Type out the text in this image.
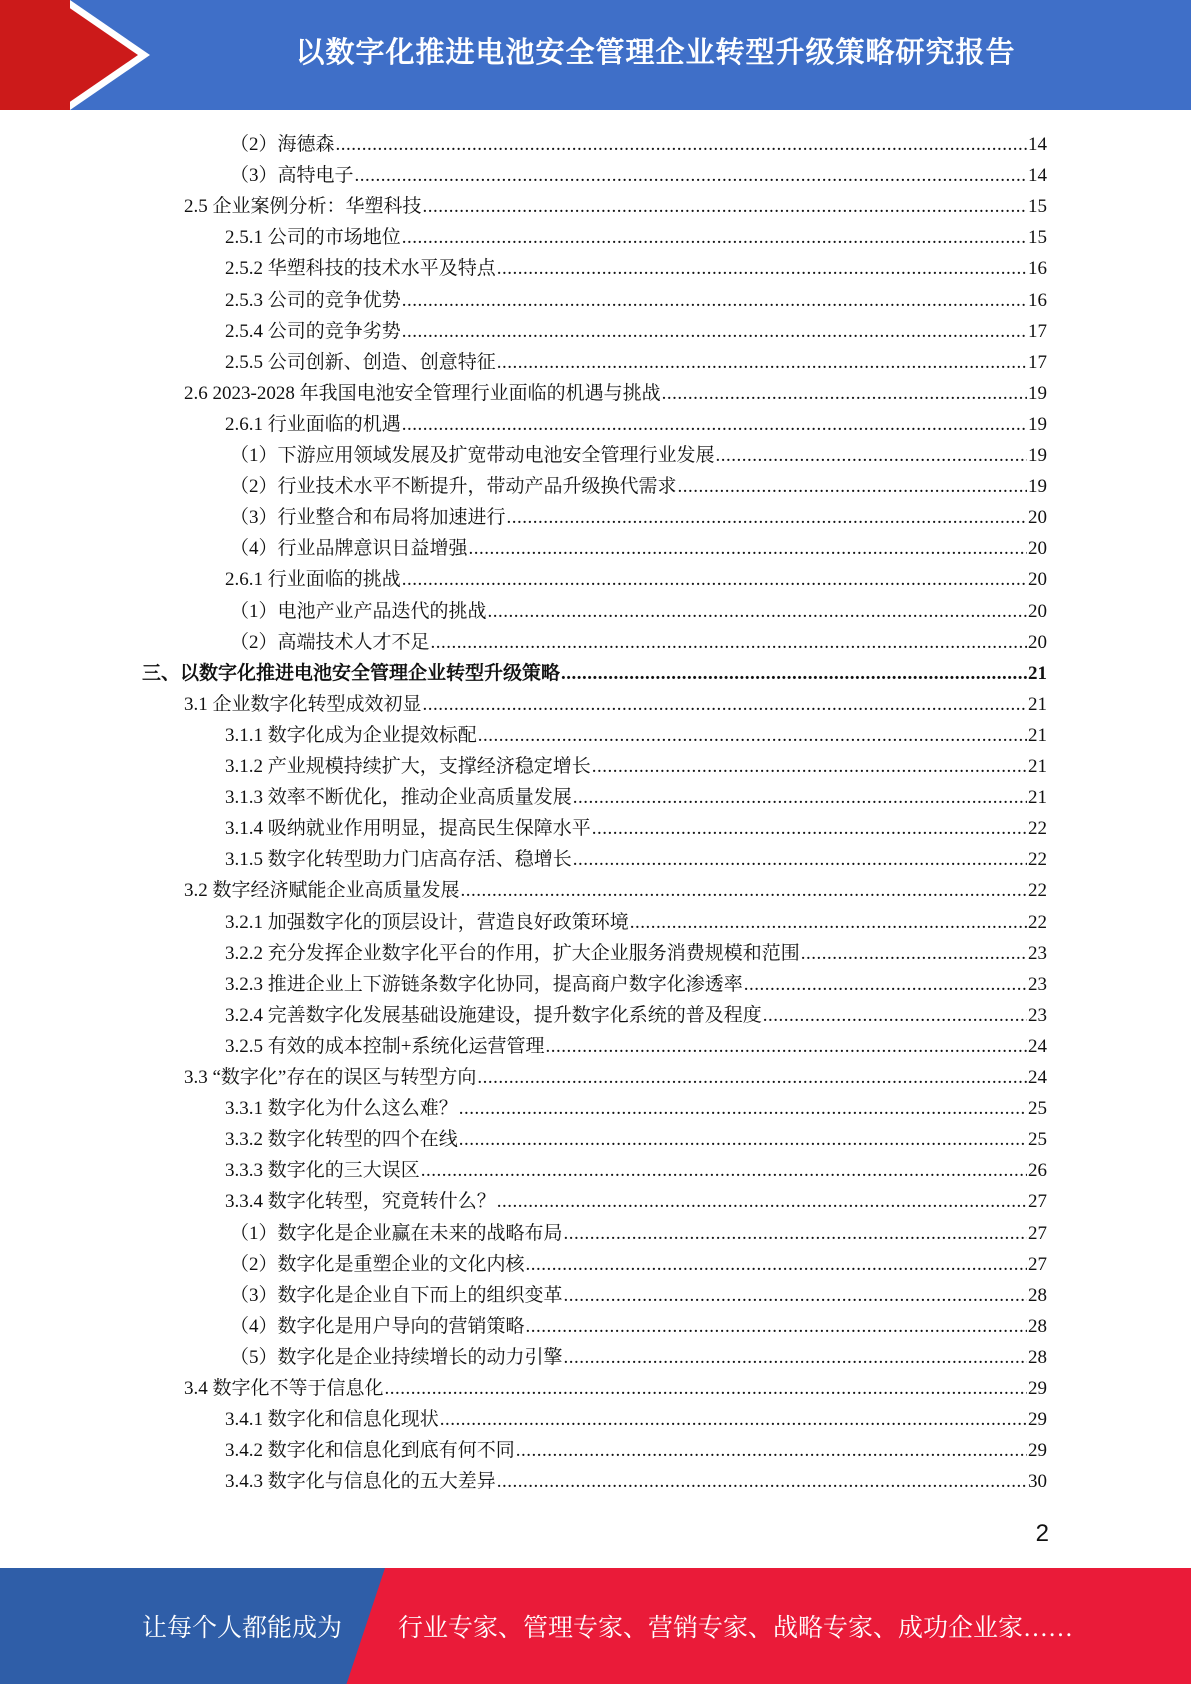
以数字化推进电池安全管理企业转型升级策略研究报告
（2）海德森 .....	14
（3）高特电子 .....	14
2.5 企业案例分析：华塑科技 .....	15
2.5.1 公司的市场地位 .....	15
2.5.2 华塑科技的技术水平及特点 .....	16
2.5.3 公司的竞争优势 .....	16
2.5.4 公司的竞争劣势 .....	17
2.5.5 公司创新、创造、创意特征 .....	17
2.6 2023-2028 年我国电池安全管理行业面临的机遇与挑战 .....	19
2.6.1 行业面临的机遇 .....	19
（1）下游应用领域发展及扩宽带动电池安全管理行业发展 .....	19
（2）行业技术水平不断提升，带动产品升级换代需求 .....	19
（3）行业整合和布局将加速进行 .....	20
（4）行业品牌意识日益增强 .....	20
2.6.1 行业面临的挑战 .....	20
（1）电池产业产品迭代的挑战 .....	20
（2）高端技术人才不足 .....	20
三、以数字化推进电池安全管理企业转型升级策略 .....	21
3.1 企业数字化转型成效初显 .....	21
3.1.1 数字化成为企业提效标配 .....	21
3.1.2 产业规模持续扩大，支撑经济稳定增长 .....	21
3.1.3 效率不断优化，推动企业高质量发展 .....	21
3.1.4 吸纳就业作用明显，提高民生保障水平 .....	22
3.1.5 数字化转型助力门店高存活、稳增长 .....	22
3.2 数字经济赋能企业高质量发展 .....	22
3.2.1 加强数字化的顶层设计，营造良好政策环境 .....	22
3.2.2 充分发挥企业数字化平台的作用，扩大企业服务消费规模和范围 .....	23
3.2.3 推进企业上下游链条数字化协同，提高商户数字化渗透率 .....	23
3.2.4 完善数字化发展基础设施建设，提升数字化系统的普及程度 .....	23
3.2.5 有效的成本控制+系统化运营管理 .....	24
3.3 “数字化”存在的误区与转型方向 .....	24
3.3.1 数字化为什么这么难？ .....	25
3.3.2 数字化转型的四个在线 .....	25
3.3.3 数字化的三大误区 .....	26
3.3.4 数字化转型，究竟转什么？ .....	27
（1）数字化是企业赢在未来的战略布局 .....	27
（2）数字化是重塑企业的文化内核 .....	27
（3）数字化是企业自下而上的组织变革 .....	28
（4）数字化是用户导向的营销策略 .....	28
（5）数字化是企业持续增长的动力引擎 .....	28
3.4 数字化不等于信息化 .....	29
3.4.1 数字化和信息化现状 .....	29
3.4.2 数字化和信息化到底有何不同 .....	29
3.4.3 数字化与信息化的五大差异 .....	30
2
让每个人都能成为 行业专家、管理专家、营销专家、战略专家、成功企业家……
